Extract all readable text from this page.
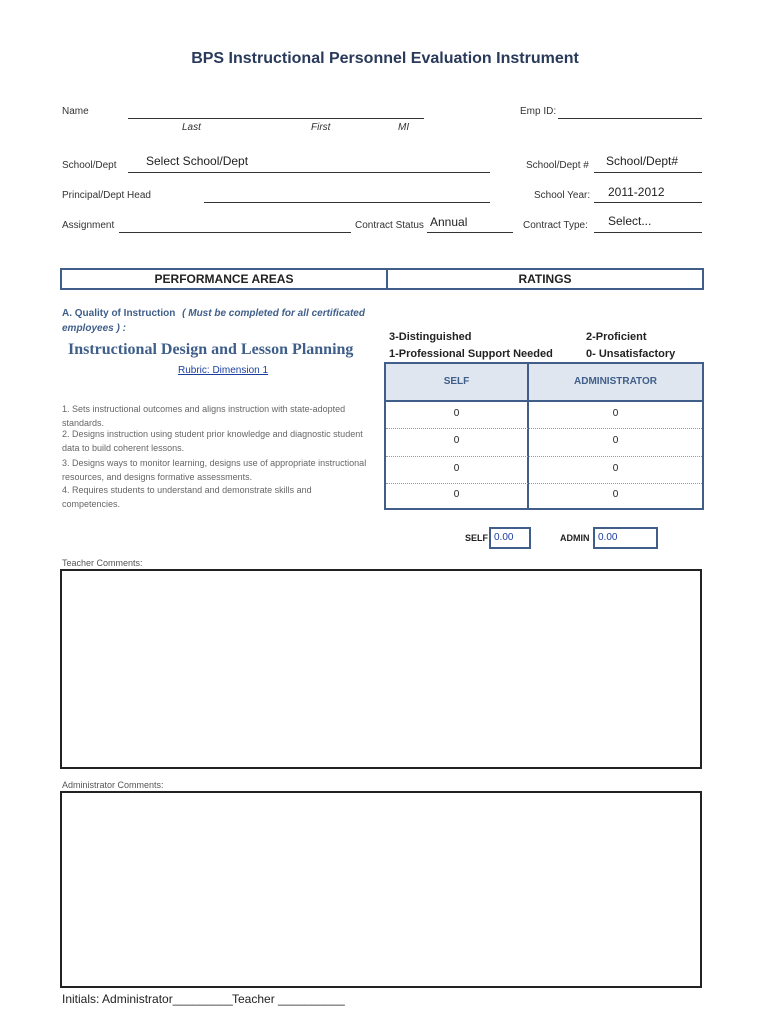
BPS Instructional Personnel Evaluation Instrument
Name
Last	First	MI
Emp ID:
School/Dept Select School/Dept	School/Dept # School/Dept#
Principal/Dept Head	School Year: 2011-2012
Assignment	Contract Status Annual	Contract Type: Select...
PERFORMANCE AREAS	RATINGS
A. Quality of Instruction ( Must be completed for all certificated
employees ) :
Instructional Design and Lesson Planning
Rubric: Dimension 1
3-Distinguished	2-Proficient
1-Professional Support Needed	0- Unsatisfactory
SELF	ADMINISTRATOR
0	0
0	0
0	0
0	0
1. Sets instructional outcomes and aligns instruction with state-adopted
standards.
2. Designs instruction using student prior knowledge and diagnostic student
data to build coherent lessons.
3. Designs ways to monitor learning, designs use of appropriate instructional
resources, and designs formative assessments.
4. Requires students to understand and demonstrate skills and
competencies.
SELF 0.00	ADMIN 0.00
Teacher Comments:
Administrator Comments:
Initials: Administrator_________ Teacher __________
